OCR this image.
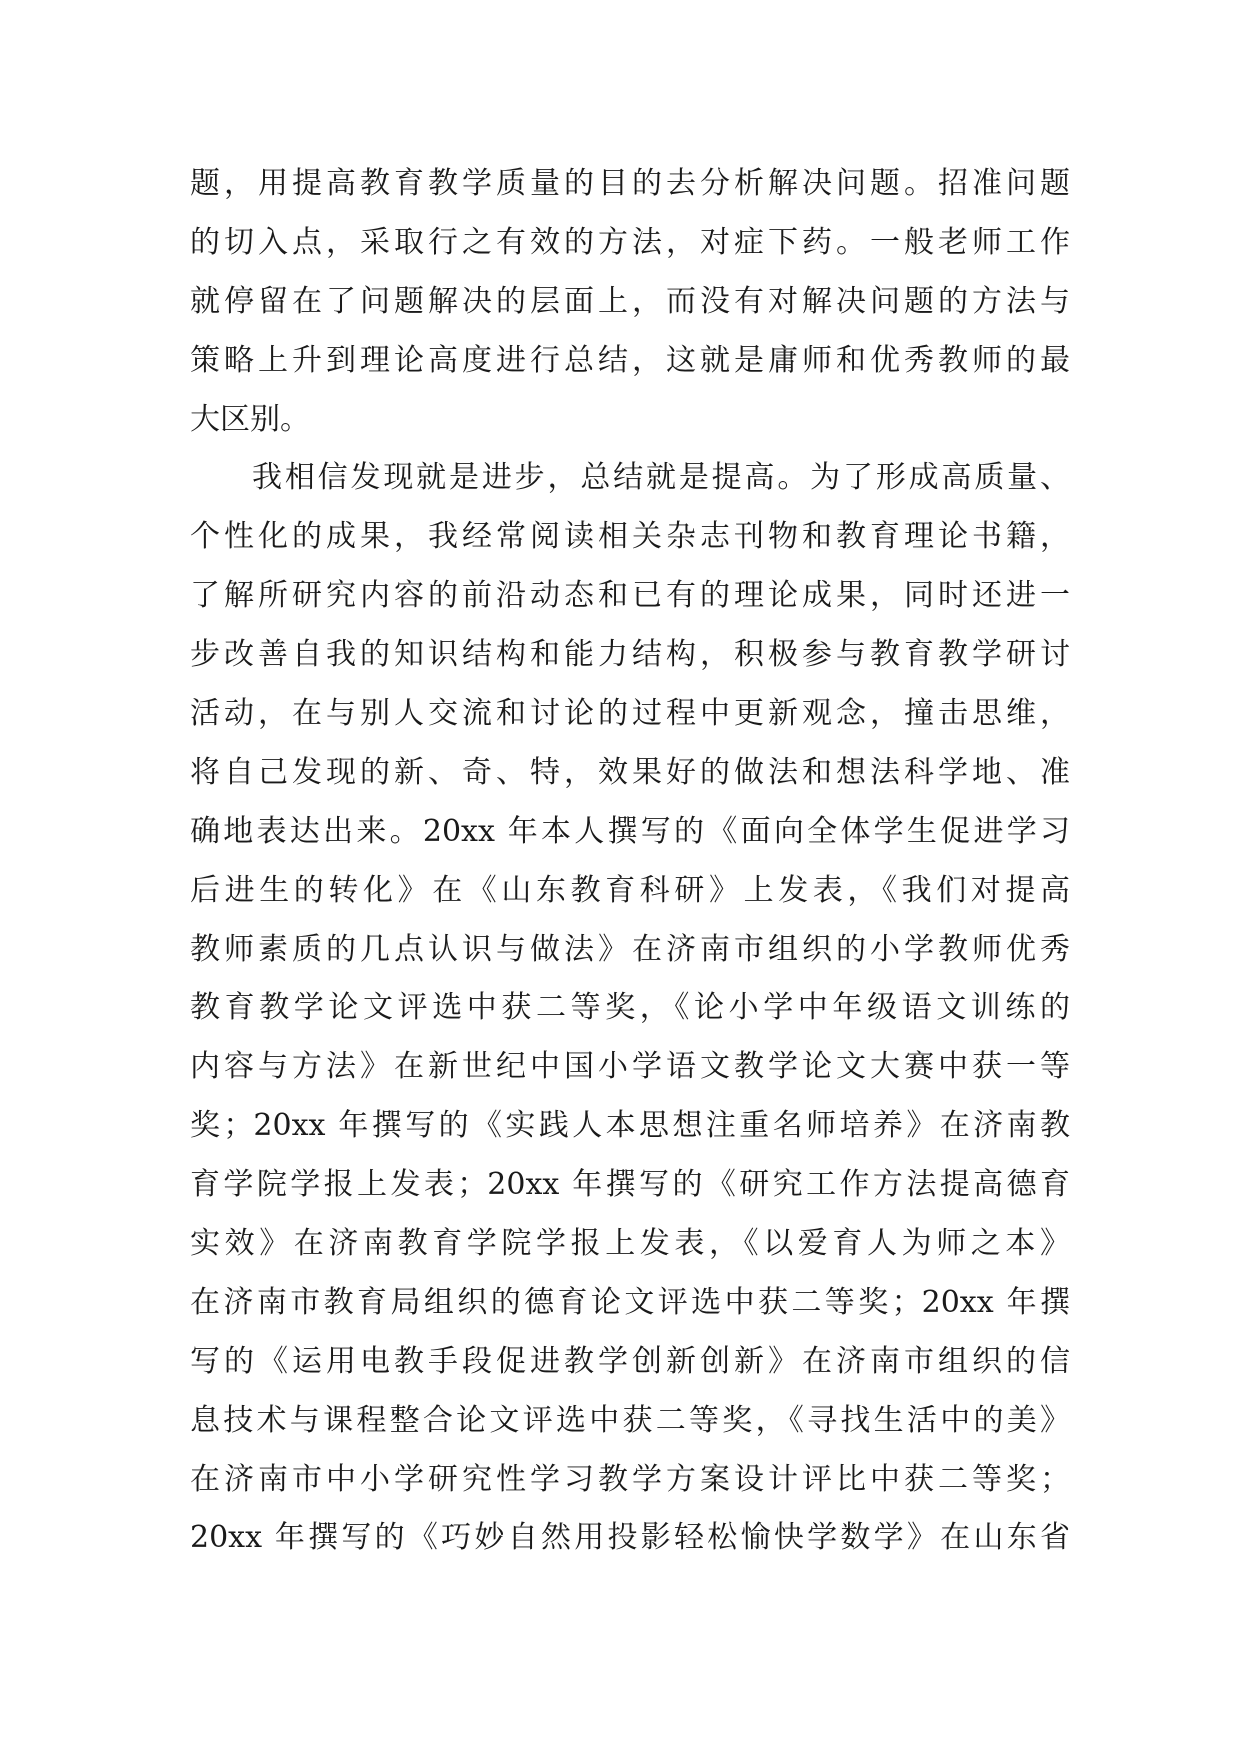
题，用提高教育教学质量的目的去分析解决问题。招准问题
的切入点，采取行之有效的方法，对症下药。一般老师工作
就停留在了问题解决的层面上，而没有对解决问题的方法与
策略上升到理论高度进行总结，这就是庸师和优秀教师的最
大区别。
我相信发现就是进步，总结就是提高。为了形成高质量、
个性化的成果，我经常阅读相关杂志刊物和教育理论书籍，
了解所研究内容的前沿动态和已有的理论成果，同时还进一
步改善自我的知识结构和能力结构，积极参与教育教学研讨
活动，在与别人交流和讨论的过程中更新观念，撞击思维，
将自己发现的新、奇、特，效果好的做法和想法科学地、准
确地表达出来。20xx 年本人撰写的《面向全体学生促进学习
后进生的转化》在《山东教育科研》上发表，《我们对提高
教师素质的几点认识与做法》在济南市组织的小学教师优秀
教育教学论文评选中获二等奖，《论小学中年级语文训练的
内容与方法》在新世纪中国小学语文教学论文大赛中获一等
奖；20xx 年撰写的《实践人本思想注重名师培养》在济南教
育学院学报上发表；20xx 年撰写的《研究工作方法提高德育
实效》在济南教育学院学报上发表，《以爱育人为师之本》
在济南市教育局组织的德育论文评选中获二等奖；20xx 年撰
写的《运用电教手段促进教学创新创新》在济南市组织的信
息技术与课程整合论文评选中获二等奖，《寻找生活中的美》
在济南市中小学研究性学习教学方案设计评比中获二等奖；
20xx 年撰写的《巧妙自然用投影轻松愉快学数学》在山东省
